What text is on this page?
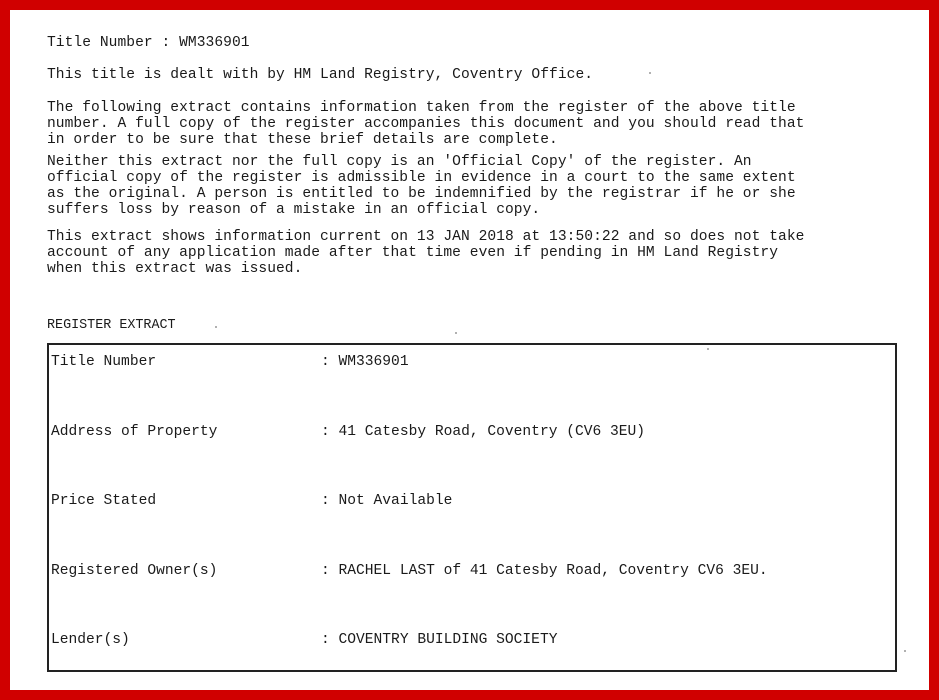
Title Number : WM336901
This title is dealt with by HM Land Registry, Coventry Office.
The following extract contains information taken from the register of the above title
number. A full copy of the register accompanies this document and you should read that
in order to be sure that these brief details are complete.
Neither this extract nor the full copy is an 'Official Copy' of the register. An
official copy of the register is admissible in evidence in a court to the same extent
as the original. A person is entitled to be indemnified by the registrar if he or she
suffers loss by reason of a mistake in an official copy.
This extract shows information current on 13 JAN 2018 at 13:50:22 and so does not take
account of any application made after that time even if pending in HM Land Registry
when this extract was issued.
REGISTER EXTRACT
Title Number	: WM336901
Address of Property	: 41 Catesby Road, Coventry (CV6 3EU)
Price Stated	: Not Available
Registered Owner(s)	: RACHEL LAST of 41 Catesby Road, Coventry CV6 3EU.
Lender(s)	: COVENTRY BUILDING SOCIETY
